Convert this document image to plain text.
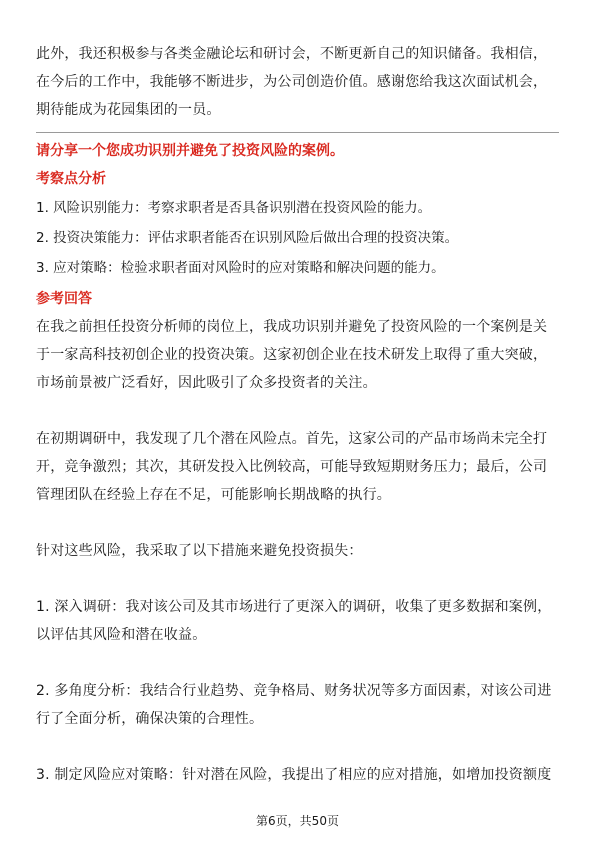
此外，我还积极参与各类金融论坛和研讨会，不断更新自己的知识储备。我相信，

在今后的工作中，我能够不断进步，为公司创造价值。感谢您给我这次面试机会，

期待能成为花园集团的一员。

请分享一个您成功识别并避免了投资风险的案例。

考察点分析

1. 风险识别能力：考察求职者是否具备识别潜在投资风险的能力。

2. 投资决策能力：评估求职者能否在识别风险后做出合理的投资决策。

3. 应对策略：检验求职者面对风险时的应对策略和解决问题的能力。

参考回答

在我之前担任投资分析师的岗位上，我成功识别并避免了投资风险的一个案例是关

于一家高科技初创企业的投资决策。这家初创企业在技术研发上取得了重大突破，

市场前景被广泛看好，因此吸引了众多投资者的关注。

在初期调研中，我发现了几个潜在风险点。首先，这家公司的产品市场尚未完全打

开，竞争激烈；其次，其研发投入比例较高，可能导致短期财务压力；最后，公司

管理团队在经验上存在不足，可能影响长期战略的执行。

针对这些风险，我采取了以下措施来避免投资损失：

1. 深入调研：我对该公司及其市场进行了更深入的调研，收集了更多数据和案例，

以评估其风险和潜在收益。

2. 多角度分析：我结合行业趋势、竞争格局、财务状况等多方面因素，对该公司进

行了全面分析，确保决策的合理性。

3. 制定风险应对策略：针对潜在风险，我提出了相应的应对措施，如增加投资额度

第6页，共50页
